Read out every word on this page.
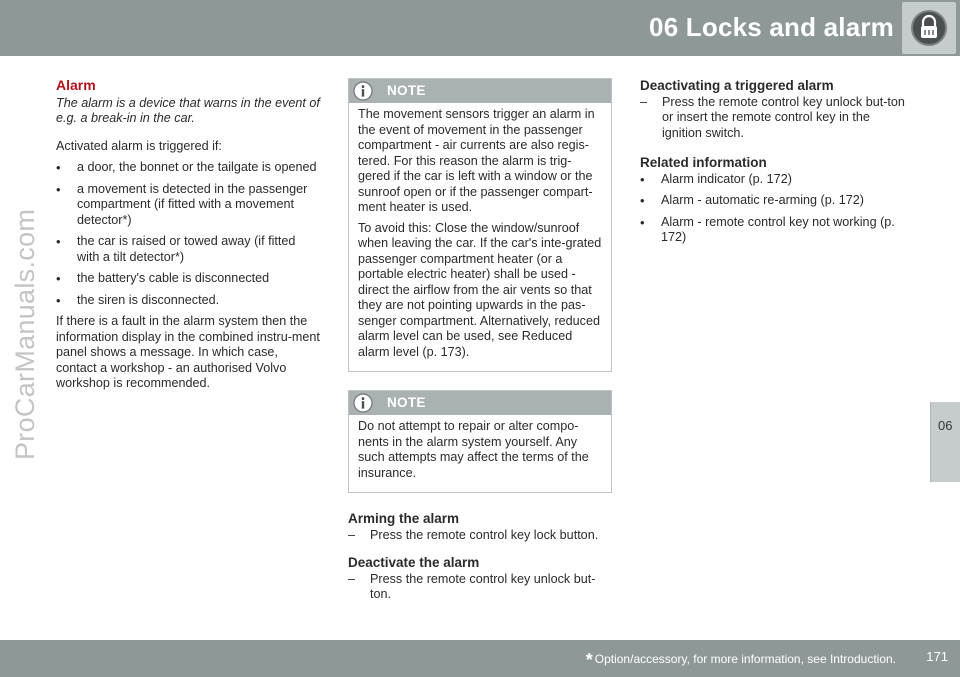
06 Locks and alarm
06
ProCarManuals.com
Alarm
The alarm is a device that warns in the event of e.g. a break-in in the car.

Activated alarm is triggered if:

• a door, the bonnet or the tailgate is opened
• a movement is detected in the passenger compartment (if fitted with a movement detector*)
• the car is raised or towed away (if fitted with a tilt detector*)
• the battery's cable is disconnected
• the siren is disconnected.

If there is a fault in the alarm system then the information display in the combined instru-ment panel shows a message. In which case, contact a workshop - an authorised Volvo workshop is recommended.

NOTE

The movement sensors trigger an alarm in the event of movement in the passenger compartment - air currents are also regis-tered. For this reason the alarm is trig-gered if the car is left with a window or the sunroof open or if the passenger compart-ment heater is used.

To avoid this: Close the window/sunroof when leaving the car. If the car's inte-grated passenger compartment heater (or a portable electric heater) shall be used - direct the airflow from the air vents so that they are not pointing upwards in the pas-senger compartment. Alternatively, reduced alarm level can be used, see Reduced alarm level (p. 173).

NOTE

Do not attempt to repair or alter compo-nents in the alarm system yourself. Any such attempts may affect the terms of the insurance.

Arming the alarm
– Press the remote control key lock button.
Deactivate the alarm
– Press the remote control key unlock but-ton.
Deactivating a triggered alarm
– Press the remote control key unlock but-ton or insert the remote control key in the ignition switch.
Related information
• Alarm indicator (p. 172)
• Alarm - automatic re-arming (p. 172)
• Alarm - remote control key not working (p. 172)
* Option/accessory, for more information, see Introduction. 171
